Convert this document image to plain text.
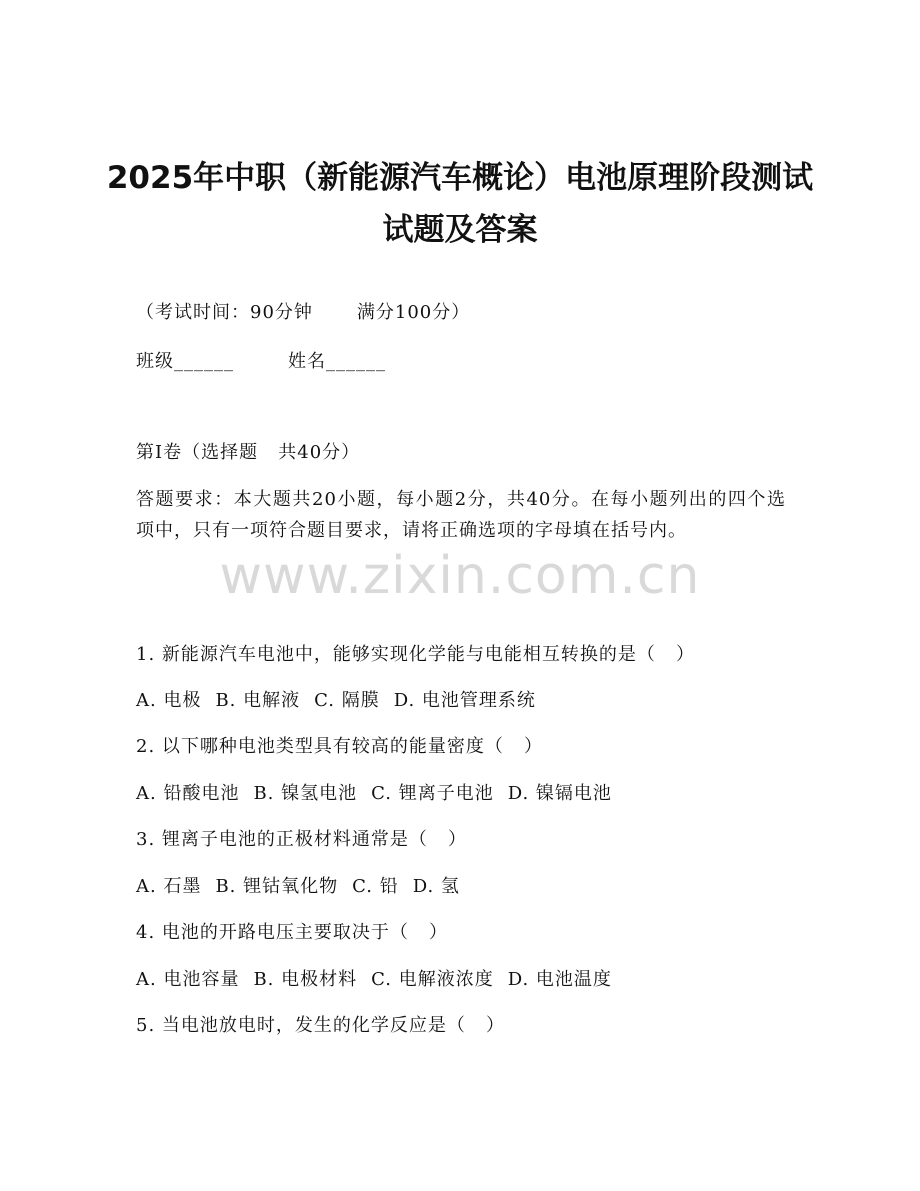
2025年中职（新能源汽车概论）电池原理阶段测试试题及答案
（考试时间：90分钟 满分100分）
班级______	姓名______
第I卷（选择题   共40分）
答题要求：本大题共20小题，每小题2分，共40分。在每小题列出的四个选项中，只有一项符合题目要求，请将正确选项的字母填在括号内。
www.zixin.com.cn
1. 新能源汽车电池中，能够实现化学能与电能相互转换的是（   ）
A. 电极 B. 电解液 C. 隔膜 D. 电池管理系统
2. 以下哪种电池类型具有较高的能量密度（   ）
A. 铅酸电池 B. 镍氢电池 C. 锂离子电池 D. 镍镉电池
3. 锂离子电池的正极材料通常是（   ）
A. 石墨 B. 锂钴氧化物 C. 铅 D. 氢
4. 电池的开路电压主要取决于（   ）
A. 电池容量 B. 电极材料 C. 电解液浓度 D. 电池温度
5. 当电池放电时，发生的化学反应是（   ）
